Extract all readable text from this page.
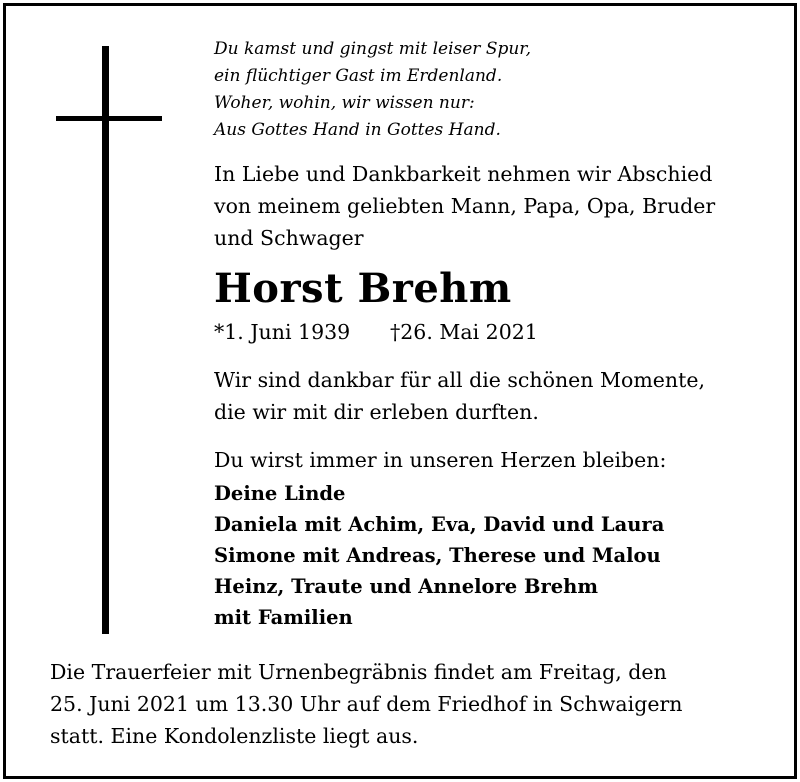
Du kamst und gingst mit leiser Spur,
ein flüchtiger Gast im Erdenland.
Woher, wohin, wir wissen nur:
Aus Gottes Hand in Gottes Hand.
In Liebe und Dankbarkeit nehmen wir Abschied
von meinem geliebten Mann, Papa, Opa, Bruder
und Schwager
Horst Brehm
*1. Juni 1939 †26. Mai 2021
Wir sind dankbar für all die schönen Momente,
die wir mit dir erleben durften.
Du wirst immer in unseren Herzen bleiben:
Deine Linde
Daniela mit Achim, Eva, David und Laura
Simone mit Andreas, Therese und Malou
Heinz, Traute und Annelore Brehm
mit Familien
Die Trauerfeier mit Urnenbegräbnis findet am Freitag, den
25. Juni 2021 um 13.30 Uhr auf dem Friedhof in Schwaigern
statt. Eine Kondolenzliste liegt aus.
